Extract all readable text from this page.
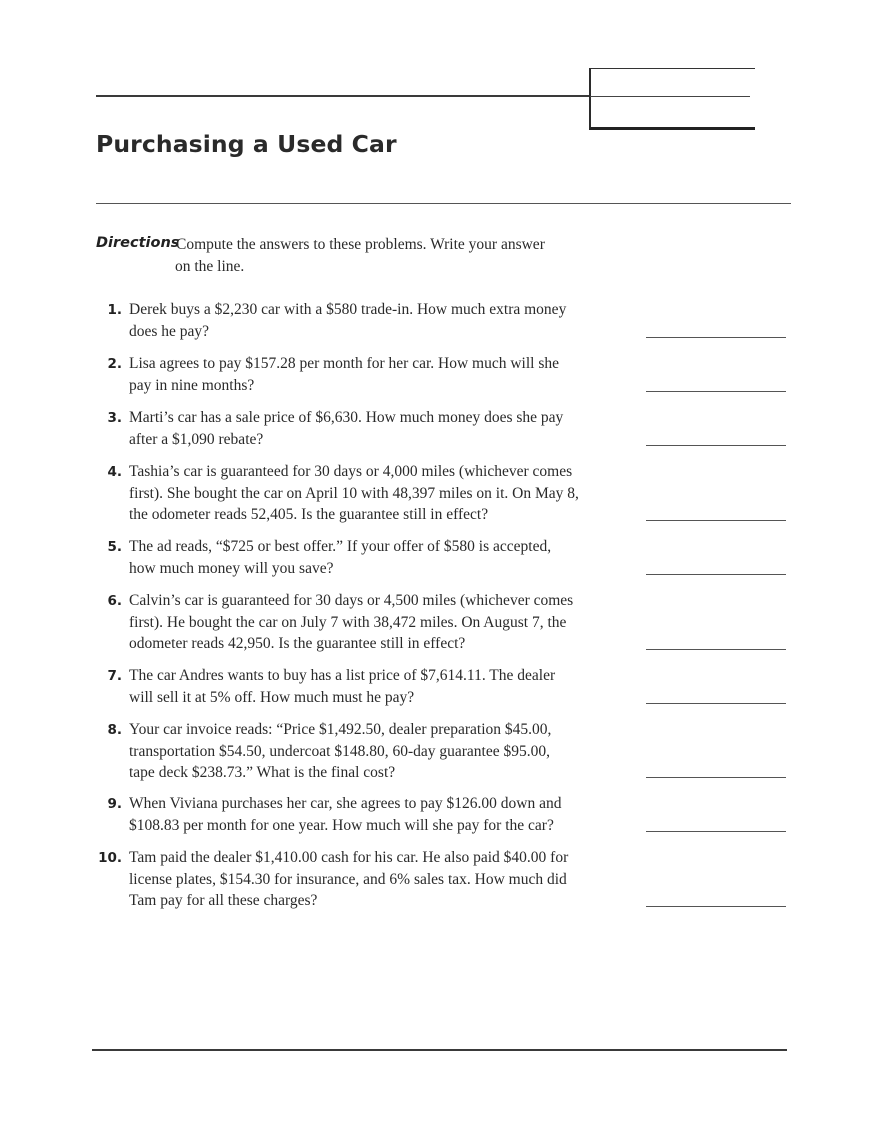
Purchasing a Used Car
Directions
Compute the answers to these problems. Write your answer
on the line.
1. Derek buys a $2,230 car with a $580 trade-in. How much extra money
does he pay?
2. Lisa agrees to pay $157.28 per month for her car. How much will she
pay in nine months?
3. Marti’s car has a sale price of $6,630. How much money does she pay
after a $1,090 rebate?
4. Tashia’s car is guaranteed for 30 days or 4,000 miles (whichever comes
first). She bought the car on April 10 with 48,397 miles on it. On May 8,
the odometer reads 52,405. Is the guarantee still in effect?
5. The ad reads, “$725 or best offer.” If your offer of $580 is accepted,
how much money will you save?
6. Calvin’s car is guaranteed for 30 days or 4,500 miles (whichever comes
first). He bought the car on July 7 with 38,472 miles. On August 7, the
odometer reads 42,950. Is the guarantee still in effect?
7. The car Andres wants to buy has a list price of $7,614.11. The dealer
will sell it at 5% off. How much must he pay?
8. Your car invoice reads: “Price $1,492.50, dealer preparation $45.00,
transportation $54.50, undercoat $148.80, 60-day guarantee $95.00,
tape deck $238.73.” What is the final cost?
9. When Viviana purchases her car, she agrees to pay $126.00 down and
$108.83 per month for one year. How much will she pay for the car?
10. Tam paid the dealer $1,410.00 cash for his car. He also paid $40.00 for
license plates, $154.30 for insurance, and 6% sales tax. How much did
Tam pay for all these charges?
